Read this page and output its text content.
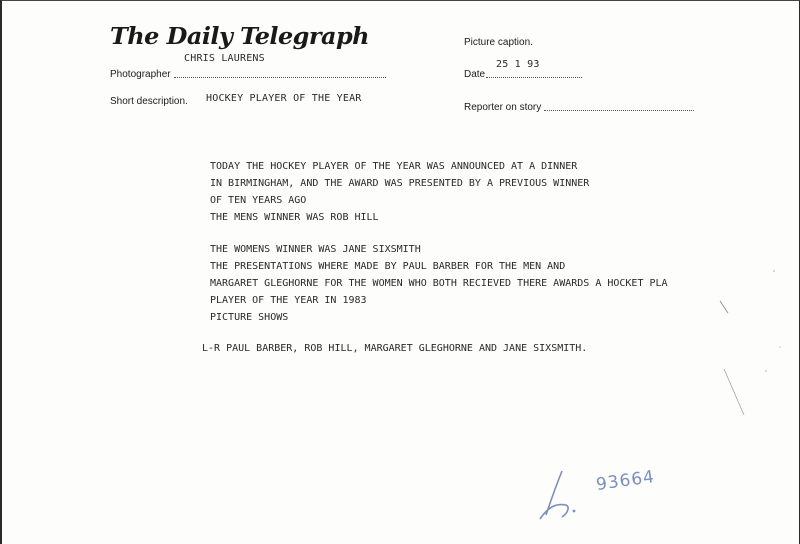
The Daily Telegraph
Photographer
CHRIS LAURENS
Short description. HOCKEY PLAYER OF THE YEAR
Picture caption.
Date
25 1 93
Reporter on story
TODAY THE HOCKEY PLAYER OF THE YEAR WAS ANNOUNCED AT A DINNER
IN BIRMINGHAM, AND THE AWARD WAS PRESENTED BY A PREVIOUS WINNER
OF TEN YEARS AGO
THE MENS WINNER WAS ROB HILL
THE WOMENS WINNER WAS JANE SIXSMITH
THE PRESENTATIONS WHERE MADE BY PAUL BARBER FOR THE MEN AND
MARGARET GLEGHORNE FOR THE WOMEN WHO BOTH RECIEVED THERE AWARDS A HOCKET PLA
PLAYER OF THE YEAR IN 1983
PICTURE SHOWS
L-R PAUL BARBER, ROB HILL, MARGARET GLEGHORNE AND JANE SIXSMITH.
93664
